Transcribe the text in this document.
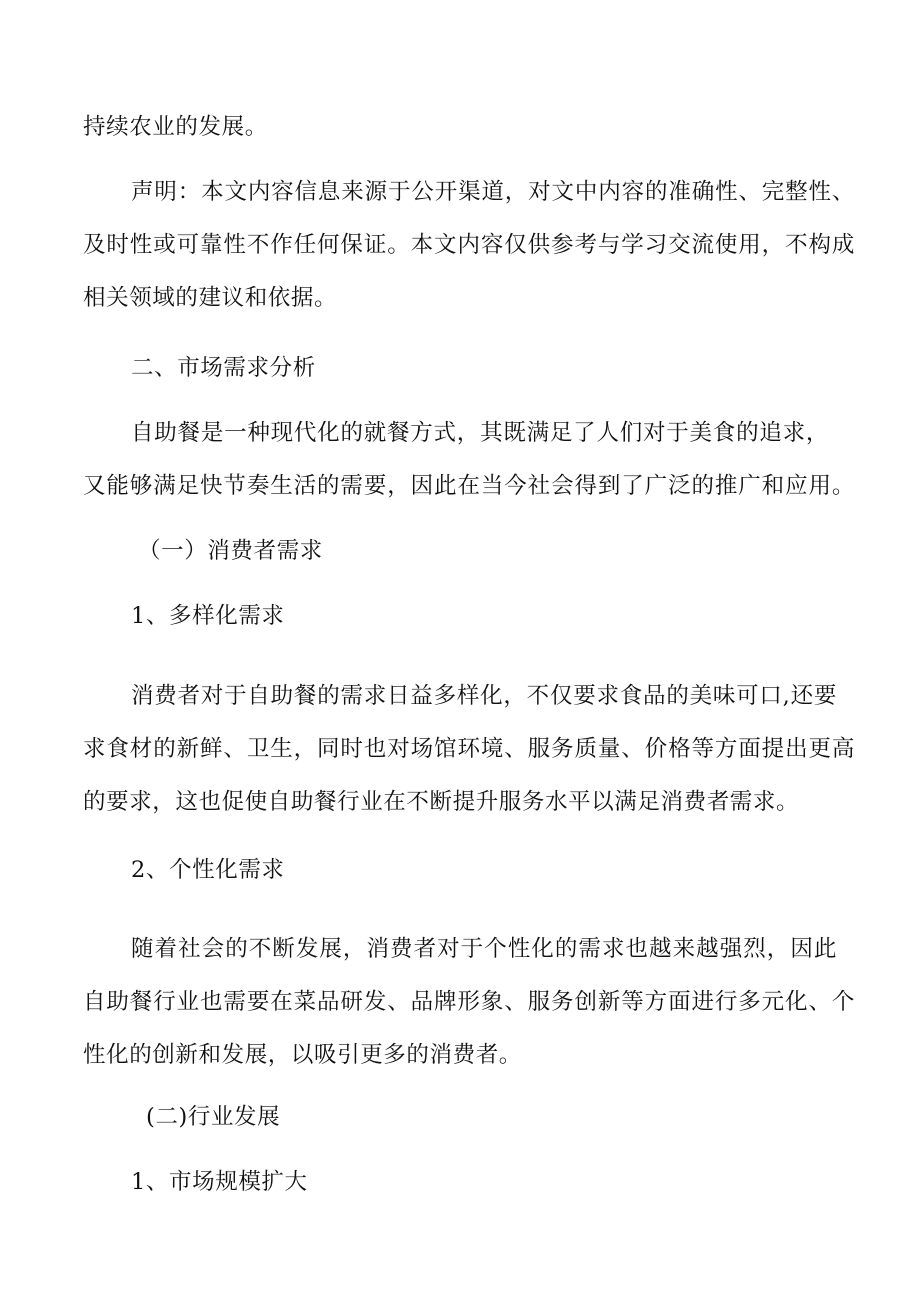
持续农业的发展。
声明：本文内容信息来源于公开渠道，对文中内容的准确性、完整性、
及时性或可靠性不作任何保证。本文内容仅供参考与学习交流使用，不构成
相关领域的建议和依据。
二、市场需求分析
自助餐是一种现代化的就餐方式，其既满足了人们对于美食的追求，
又能够满足快节奏生活的需要，因此在当今社会得到了广泛的推广和应用。
（一）消费者需求
1、多样化需求
消费者对于自助餐的需求日益多样化，不仅要求食品的美味可口,还要
求食材的新鲜、卫生，同时也对场馆环境、服务质量、价格等方面提出更高
的要求，这也促使自助餐行业在不断提升服务水平以满足消费者需求。
2、个性化需求
随着社会的不断发展，消费者对于个性化的需求也越来越强烈，因此
自助餐行业也需要在菜品研发、品牌形象、服务创新等方面进行多元化、个
性化的创新和发展，以吸引更多的消费者。
(二)行业发展
1、市场规模扩大
